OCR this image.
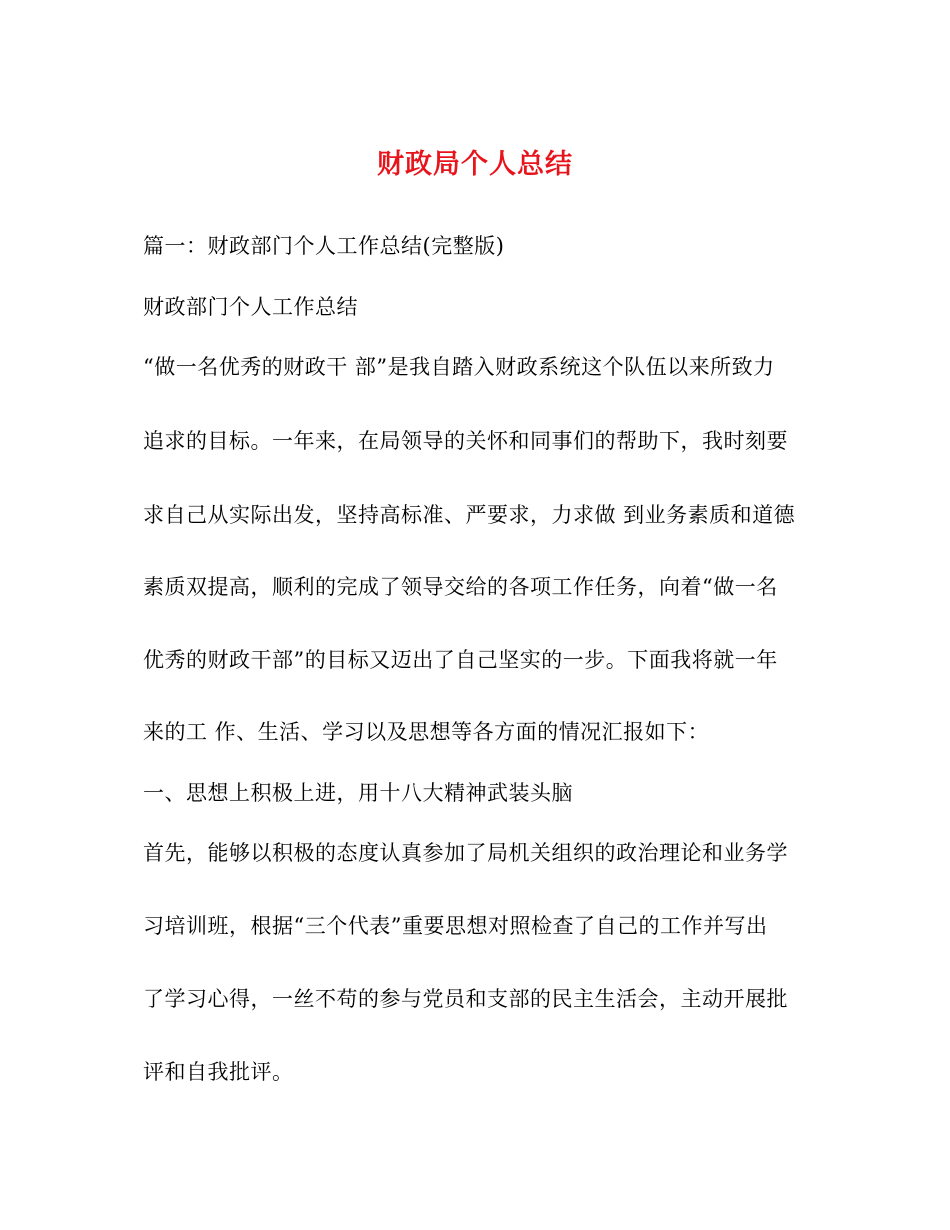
财政局个人总结
篇一：财政部门个人工作总结(完整版)
财政部门个人工作总结
“做一名优秀的财政干 部”是我自踏入财政系统这个队伍以来所致力
追求的目标。一年来，在局领导的关怀和同事们的帮助下，我时刻要
求自己从实际出发，坚持高标准、严要求，力求做 到业务素质和道德
素质双提高，顺利的完成了领导交给的各项工作任务，向着“做一名
优秀的财政干部”的目标又迈出了自己坚实的一步。下面我将就一年
来的工 作、生活、学习以及思想等各方面的情况汇报如下：
一、思想上积极上进，用十八大精神武装头脑
首先，能够以积极的态度认真参加了局机关组织的政治理论和业务学
习培训班，根据“三个代表”重要思想对照检查了自己的工作并写出
了学习心得，一丝不苟的参与党员和支部的民主生活会，主动开展批
评和自我批评。
